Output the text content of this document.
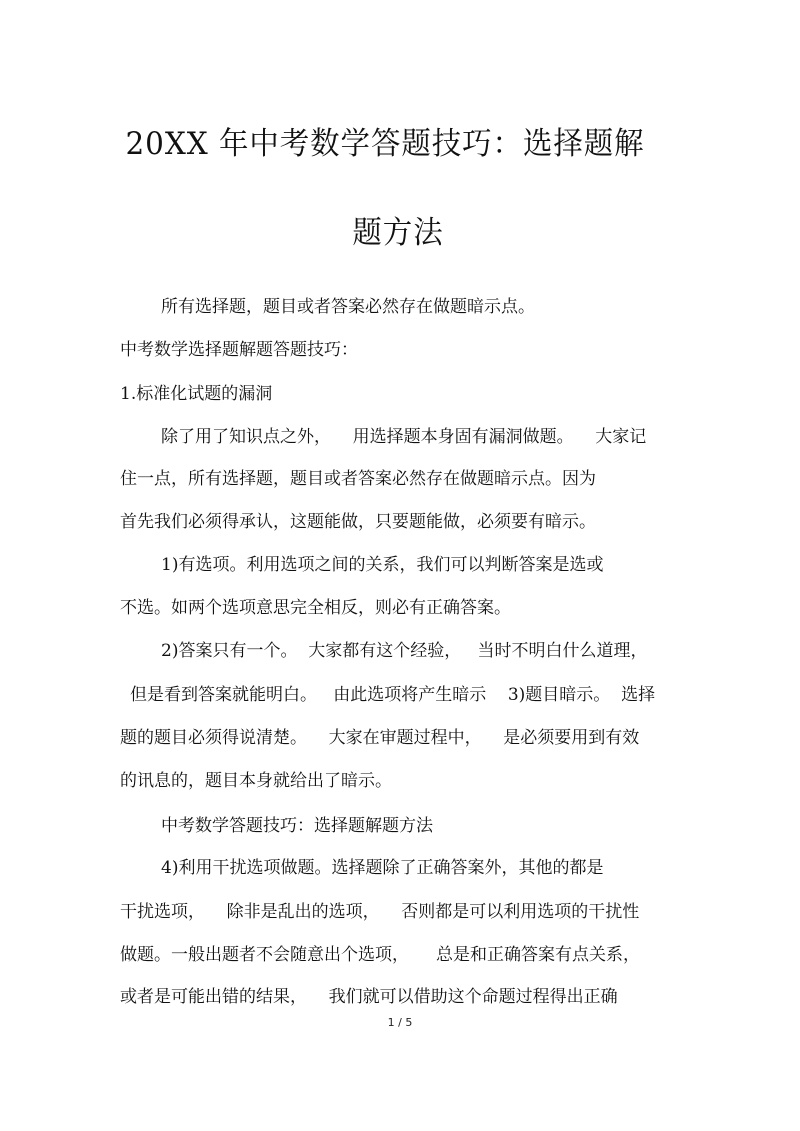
20XX 年中考数学答题技巧：选择题解
题方法
所有选择题，题目或者答案必然存在做题暗示点。
中考数学选择题解题答题技巧：
1.标准化试题的漏洞
除了用了知识点之外，    用选择题本身固有漏洞做题。    大家记
住一点，所有选择题，题目或者答案必然存在做题暗示点。因为
首先我们必须得承认，这题能做，只要题能做，必须要有暗示。
1)有选项。利用选项之间的关系，我们可以判断答案是选或
不选。如两个选项意思完全相反，则必有正确答案。
2)答案只有一个。  大家都有这个经验，   当时不明白什么道理，
但是看到答案就能明白。   由此选项将产生暗示    3)题目暗示。  选择
题的题目必须得说清楚。    大家在审题过程中，    是必须要用到有效
的讯息的，题目本身就给出了暗示。
中考数学答题技巧：选择题解题方法
4)利用干扰选项做题。选择题除了正确答案外，其他的都是
干扰选项，    除非是乱出的选项，    否则都是可以利用选项的干扰性
做题。一般出题者不会随意出个选项，     总是和正确答案有点关系，
或者是可能出错的结果，    我们就可以借助这个命题过程得出正确
1 / 5
